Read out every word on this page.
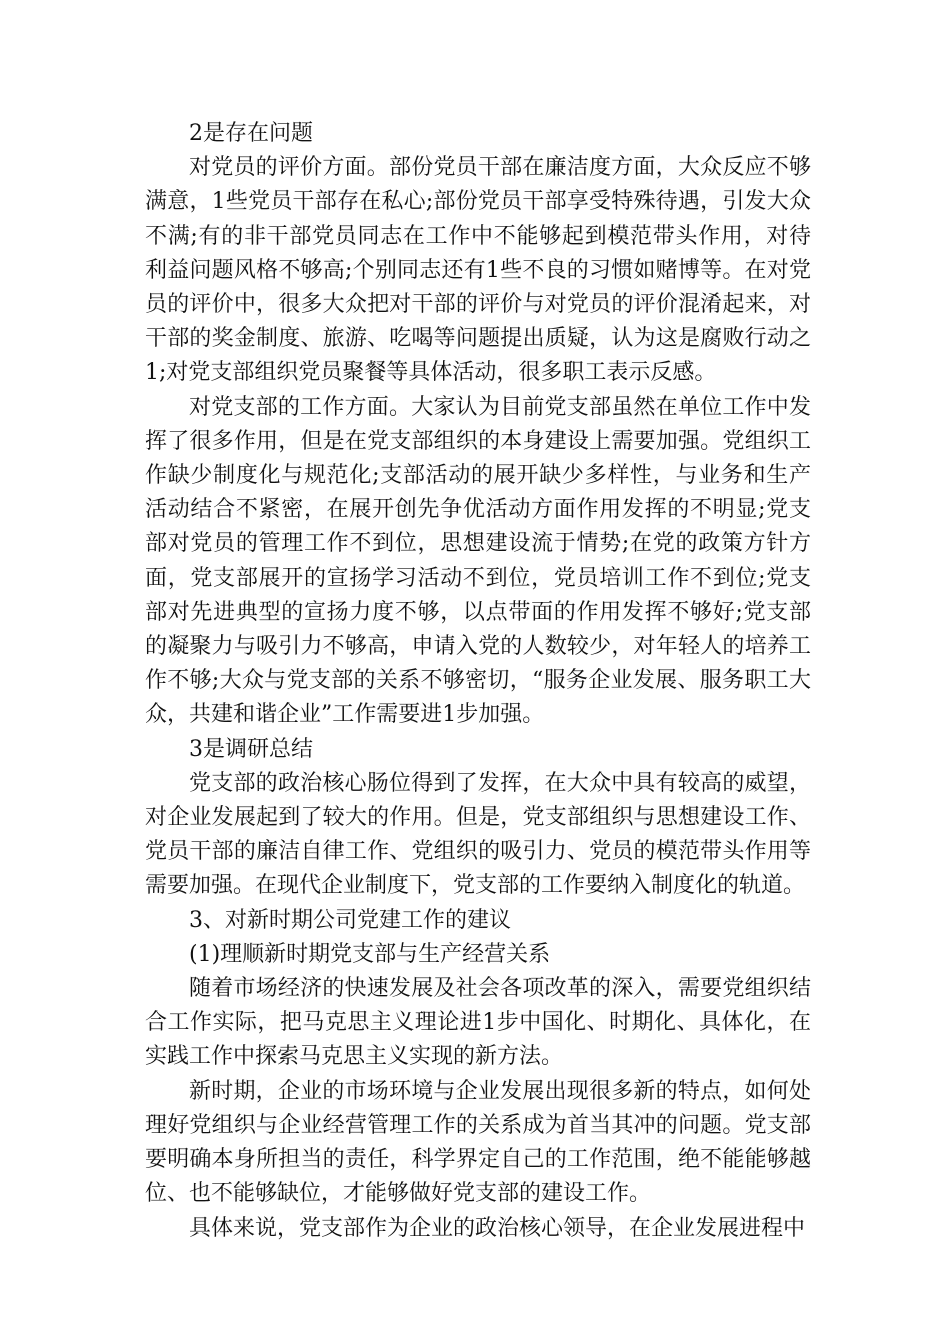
2是存在问题

对党员的评价方面。部份党员干部在廉洁度方面，大众反应不够满意，1些党员干部存在私心;部份党员干部享受特殊待遇，引发大众不满;有的非干部党员同志在工作中不能够起到模范带头作用，对待利益问题风格不够高;个别同志还有1些不良的习惯如赌博等。在对党员的评价中，很多大众把对干部的评价与对党员的评价混淆起来，对干部的奖金制度、旅游、吃喝等问题提出质疑，认为这是腐败行动之1;对党支部组织党员聚餐等具体活动，很多职工表示反感。

对党支部的工作方面。大家认为目前党支部虽然在单位工作中发挥了很多作用，但是在党支部组织的本身建设上需要加强。党组织工作缺少制度化与规范化;支部活动的展开缺少多样性，与业务和生产活动结合不紧密，在展开创先争优活动方面作用发挥的不明显;党支部对党员的管理工作不到位，思想建设流于情势;在党的政策方针方面，党支部展开的宣扬学习活动不到位，党员培训工作不到位;党支部对先进典型的宣扬力度不够，以点带面的作用发挥不够好;党支部的凝聚力与吸引力不够高，申请入党的人数较少，对年轻人的培养工作不够;大众与党支部的关系不够密切，“服务企业发展、服务职工大众，共建和谐企业”工作需要进1步加强。

3是调研总结

党支部的政治核心肠位得到了发挥，在大众中具有较高的威望，对企业发展起到了较大的作用。但是，党支部组织与思想建设工作、党员干部的廉洁自律工作、党组织的吸引力、党员的模范带头作用等需要加强。在现代企业制度下，党支部的工作要纳入制度化的轨道。

3、对新时期公司党建工作的建议

(1)理顺新时期党支部与生产经营关系

随着市场经济的快速发展及社会各项改革的深入，需要党组织结合工作实际，把马克思主义理论进1步中国化、时期化、具体化，在实践工作中探索马克思主义实现的新方法。

新时期，企业的市场环境与企业发展出现很多新的特点，如何处理好党组织与企业经营管理工作的关系成为首当其冲的问题。党支部要明确本身所担当的责任，科学界定自己的工作范围，绝不能能够越位、也不能够缺位，才能够做好党支部的建设工作。

具体来说，党支部作为企业的政治核心领导，在企业发展进程中
